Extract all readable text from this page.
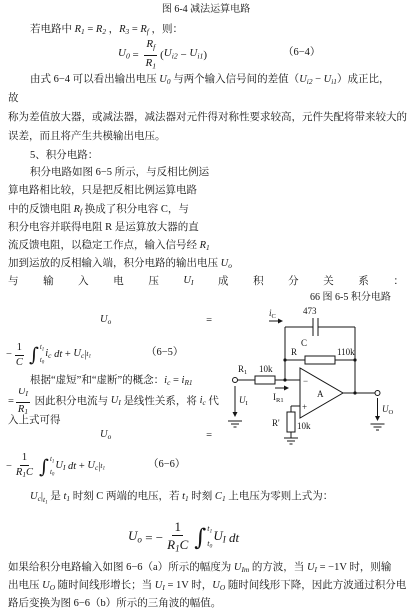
图 6-4 减法运算电路
若电路中 $R_1 = R_2$ ，$R_3 = R_f$ ，则：
$U_0 = \frac{R_f}{R_1}$ ( $U_{i2} - U_{i1}$ )	（6−4）
由式 6−4 可以看出输出电压 $U_0$ 与两个输入信号间的差值$(U_{i2} - U_{i1})$成正比，
故
称为差值放大器，或减法器，减法器对元件得对称性要求较高，元件失配将带来较大的
误差，而且将产生共模输出电压。
5、积分电路：
积分电路如图 6−5 所示，与反相比例运
算电路相比较，只是把反相比例运算电路
中的反馈电阻 $R_f$ 换成了积分电容 C，与
积分电容并联得电阻 R 是运算放大器的直
流反馈电阻，以稳定工作点，输入信号经 $R_1$
加到运放的反相输入端，积分电路的输出电压 $U_o$
与 输 入 电 压 $U_I$ 成 积 分 关 系 ：
66 图 6-5 积分电路
$U_o$	=
− $\frac{1}{C}$ ∫ $t_1$
$t_0$
$i_c$
dt + $U_c$ | $t_1$	（6−5）
根据“虚短”和“虚断”的概念：$i_c = i_{R1}$
= $\frac{U_I}{R_1}$ 因此积分电流与 $U_I$ 是线性关系，将 $i_c$ 代
入上式可得
$U_o$	=
− $\frac{1}{R_1C}$ ∫ $t_1$
$t_0$
$U_I$
dt + $U_c$ | $t_1$	（6−6）
$U_c|_{t_1}$ 是 $t_1$ 时刻 C 两端的电压，若 $t_1$ 时刻 $C_1$ 上电压为零则上式为：
$U_o$ = − $\frac{1}{R_1C}$ ∫ $t_1$
$t_0$
$U_I$
dt
如果给积分电路输入如图 6−6（a）所示的幅度为 $U_{Im}$ 的方波，当 $U_I = -1V$ 时，则输
出电压 $U_O$ 随时间线形增长；当 $U_I = 1V$ 时，$U_O$ 随时间线形下降，因此方波通过积分电
路后变换为图 6−6（b）所示的三角波的幅值。
$i_C$
473
C
R	110k
$R_1$ 10k
$I_{R1}$
$U_I$
−
+
A
$U_O$
R' 10k
